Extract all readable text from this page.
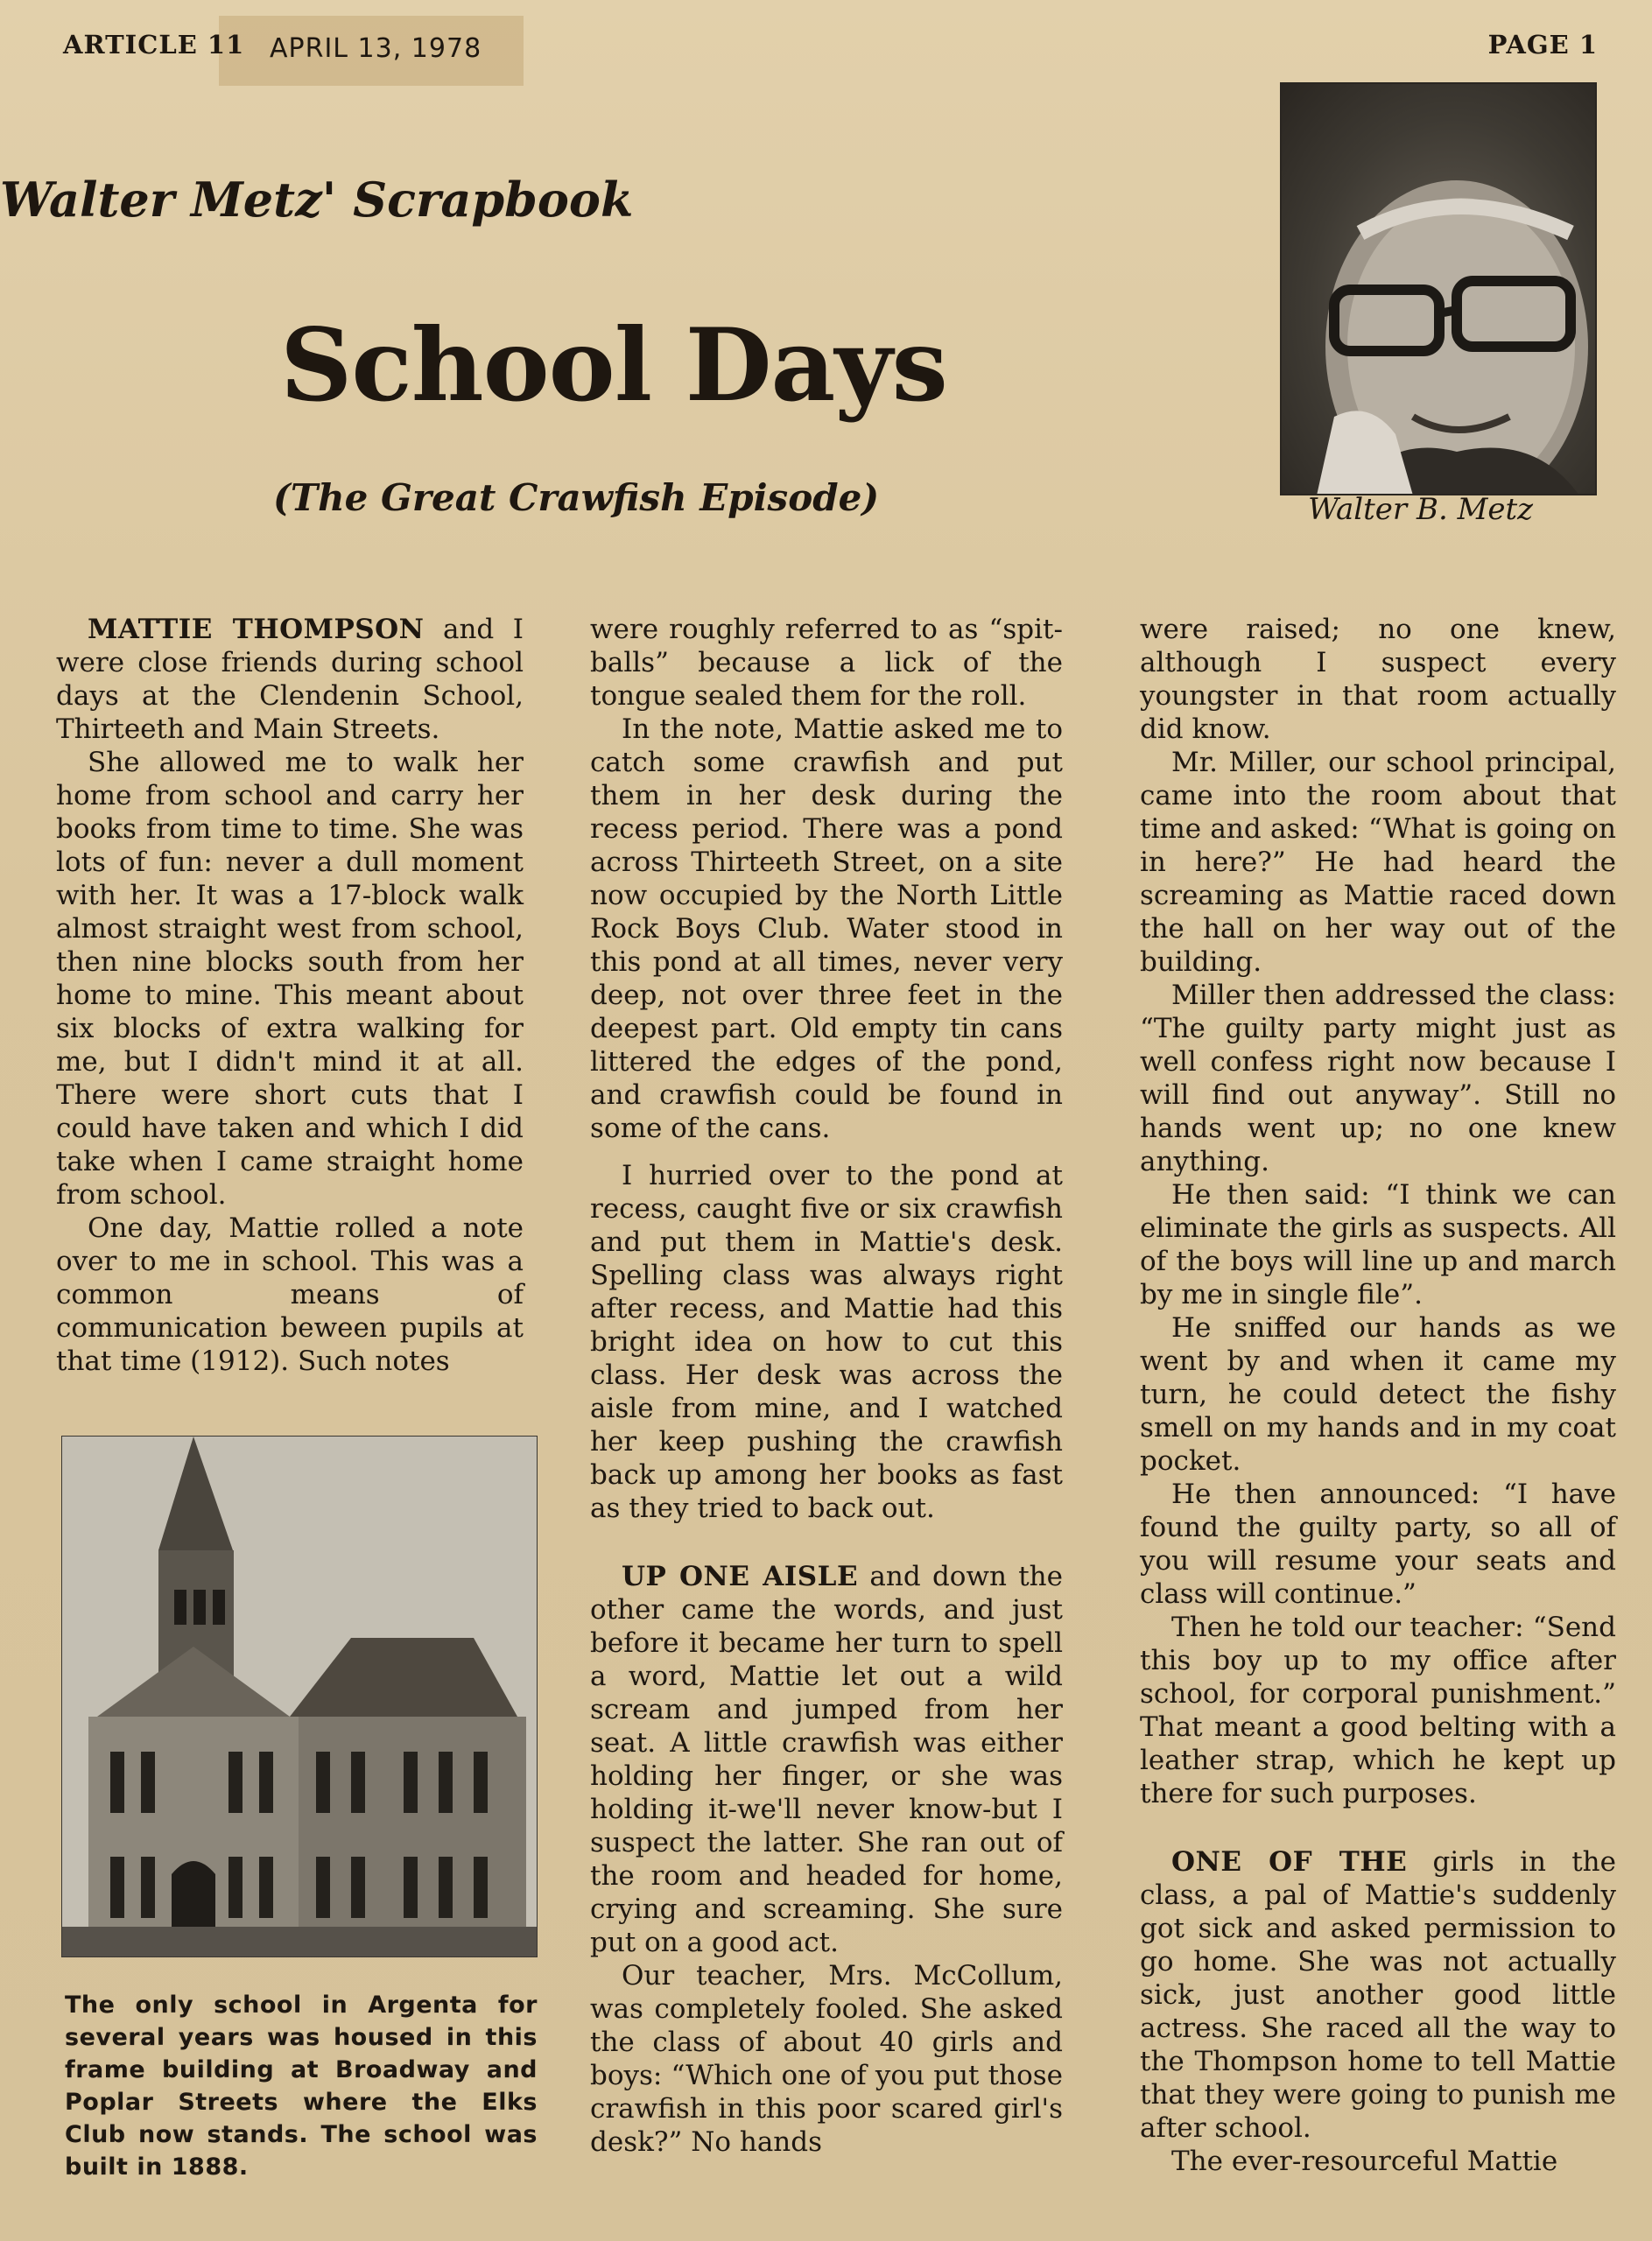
ARTICLE 11 APRIL 13, 1978	PAGE 1
Walter Metz' Scrapbook
School Days
(The Great Crawfish Episode)	Walter B. Metz

MATTIE THOMPSON and I were close friends during school days at the Clendenin School, Thirteeth and Main Streets.

She allowed me to walk her home from school and carry her books from time to time. She was lots of fun: never a dull moment with her. It was a 17-block walk almost straight west from school, then nine blocks south from her home to mine. This meant about six blocks of extra walking for me, but I didn't mind it at all. There were short cuts that I could have taken and which I did take when I came straight home from school.

One day, Mattie rolled a note over to me in school. This was a common means of communication beween pupils at that time (1912). Such notes

The only school in Argenta for several years was housed in this frame building at Broadway and Poplar Streets where the Elks Club now stands. The school was built in 1888.

were roughly referred to as “spit-balls” because a lick of the tongue sealed them for the roll.

In the note, Mattie asked me to catch some crawfish and put them in her desk during the recess period. There was a pond across Thirteeth Street, on a site now occupied by the North Little Rock Boys Club. Water stood in this pond at all times, never very deep, not over three feet in the deepest part. Old empty tin cans littered the edges of the pond, and crawfish could be found in some of the cans.

I hurried over to the pond at recess, caught five or six crawfish and put them in Mattie's desk. Spelling class was always right after recess, and Mattie had this bright idea on how to cut this class. Her desk was across the aisle from mine, and I watched her keep pushing the crawfish back up among her books as fast as they tried to back out.

UP ONE AISLE and down the other came the words, and just before it became her turn to spell a word, Mattie let out a wild scream and jumped from her seat. A little crawfish was either holding her finger, or she was holding it-we'll never know-but I suspect the latter. She ran out of the room and headed for home, crying and screaming. She sure put on a good act.

Our teacher, Mrs. McCollum, was completely fooled. She asked the class of about 40 girls and boys: “Which one of you put those crawfish in this poor scared girl's desk?” No hands

were raised; no one knew, although I suspect every youngster in that room actually did know.

Mr. Miller, our school principal, came into the room about that time and asked: “What is going on in here?” He had heard the screaming as Mattie raced down the hall on her way out of the building.

Miller then addressed the class: “The guilty party might just as well confess right now because I will find out anyway”. Still no hands went up; no one knew anything.

He then said: “I think we can eliminate the girls as suspects. All of the boys will line up and march by me in single file”.

He sniffed our hands as we went by and when it came my turn, he could detect the fishy smell on my hands and in my coat pocket.

He then announced: “I have found the guilty party, so all of you will resume your seats and class will continue.”

Then he told our teacher: “Send this boy up to my office after school, for corporal punishment.” That meant a good belting with a leather strap, which he kept up there for such purposes.

ONE OF THE girls in the class, a pal of Mattie's suddenly got sick and asked permission to go home. She was not actually sick, just another good little actress. She raced all the way to the Thompson home to tell Mattie that they were going to punish me after school.

The ever-resourceful Mattie
